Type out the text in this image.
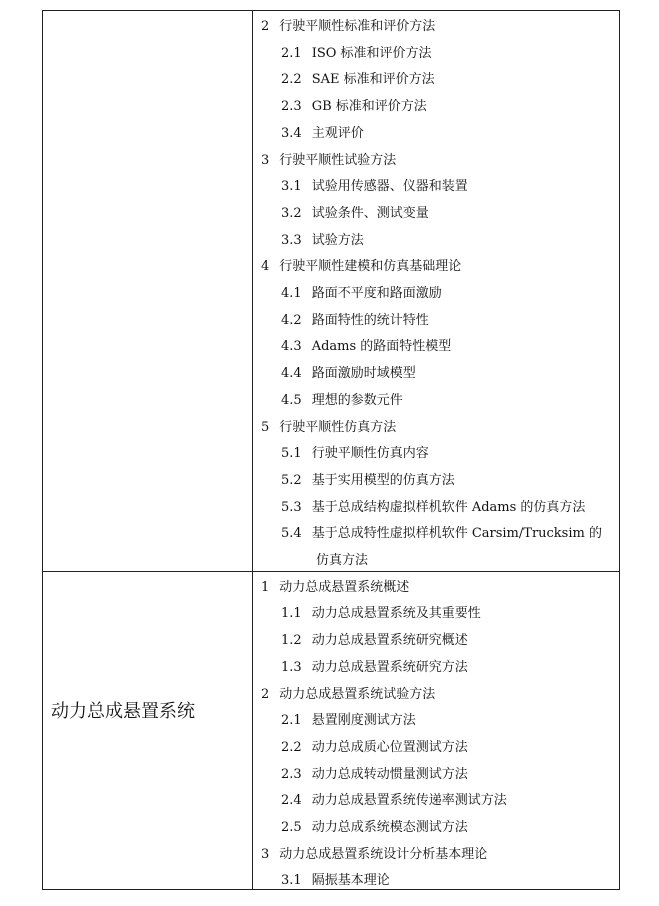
动力总成悬置系统
2 行驶平顺性标准和评价方法
2.1 ISO 标准和评价方法
2.2 SAE 标准和评价方法
2.3 GB 标准和评价方法
3.4 主观评价
3 行驶平顺性试验方法
3.1 试验用传感器、仪器和装置
3.2 试验条件、测试变量
3.3 试验方法
4 行驶平顺性建模和仿真基础理论
4.1 路面不平度和路面激励
4.2 路面特性的统计特性
4.3 Adams 的路面特性模型
4.4 路面激励时域模型
4.5 理想的参数元件
5 行驶平顺性仿真方法
5.1 行驶平顺性仿真内容
5.2 基于实用模型的仿真方法
5.3 基于总成结构虚拟样机软件 Adams 的仿真方法
5.4 基于总成特性虚拟样机软件 Carsim/Trucksim 的
仿真方法
1 动力总成悬置系统概述
1.1 动力总成悬置系统及其重要性
1.2 动力总成悬置系统研究概述
1.3 动力总成悬置系统研究方法
2 动力总成悬置系统试验方法
2.1 悬置刚度测试方法
2.2 动力总成质心位置测试方法
2.3 动力总成转动惯量测试方法
2.4 动力总成悬置系统传递率测试方法
2.5 动力总成系统模态测试方法
3 动力总成悬置系统设计分析基本理论
3.1 隔振基本理论
